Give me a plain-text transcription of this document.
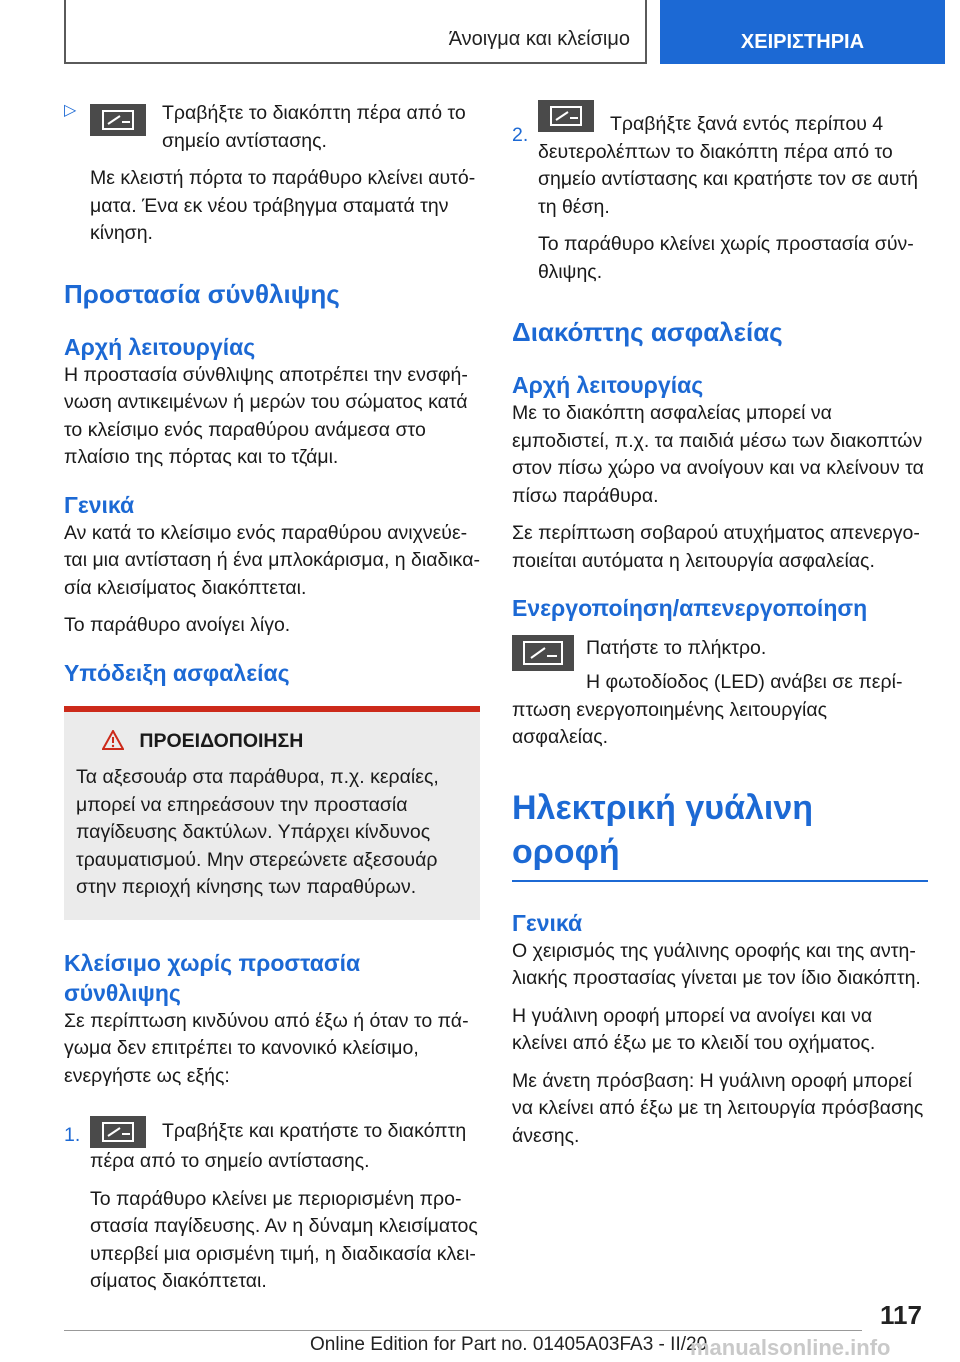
Άνοιγμα και κλείσιμο	ΧΕΙΡΙΣΤΗΡΙΑ
▷	Τραβήξτε το διακόπτη πέρα από το σημείο αντίστασης.

Με κλειστή πόρτα το παράθυρο κλείνει αυτόματα. Ένα εκ νέου τράβηγμα σταματά την κίνηση.

Προστασία σύνθλιψης
Αρχή λειτουργίας

Η προστασία σύνθλιψης αποτρέπει την ενσφήνωση αντικειμένων ή μερών του σώματος κατά το κλείσιμο ενός παραθύρου ανάμεσα στο πλαίσιο της πόρτας και το τζάμι.

Γενικά

Αν κατά το κλείσιμο ενός παραθύρου ανιχνεύεται μια αντίσταση ή ένα μπλοκάρισμα, η διαδικασία κλεισίματος διακόπτεται.

Το παράθυρο ανοίγει λίγο.

Υπόδειξη ασφαλείας
ΠΡΟΕΙΔΟΠΟΙΗΣΗ

Τα αξεσουάρ στα παράθυρα, π.χ. κεραίες, μπορεί να επηρεάσουν την προστασία παγίδευσης δακτύλων. Υπάρχει κίνδυνος τραυματισμού. Μην στερεώνετε αξεσουάρ στην περιοχή κίνησης των παραθύρων.

Κλείσιμο χωρίς προστασία σύνθλιψης

Σε περίπτωση κινδύνου από έξω ή όταν το πάγωμα δεν επιτρέπει το κανονικό κλείσιμο, ενεργήστε ως εξής:

1.	Τραβήξτε και κρατήστε το διακόπτη πέρα από το σημείο αντίστασης.

Το παράθυρο κλείνει με περιορισμένη προστασία παγίδευσης. Αν η δύναμη κλεισίματος υπερβεί μια ορισμένη τιμή, η διαδικασία κλεισίματος διακόπτεται.

2.	Τραβήξτε ξανά εντός περίπου 4 δευτερολέπτων το διακόπτη πέρα από το σημείο αντίστασης και κρατήστε τον σε αυτή τη θέση.

Το παράθυρο κλείνει χωρίς προστασία σύνθλιψης.

Διακόπτης ασφαλείας
Αρχή λειτουργίας

Με το διακόπτη ασφαλείας μπορεί να εμποδιστεί, π.χ. τα παιδιά μέσω των διακοπτών στον πίσω χώρο να ανοίγουν και να κλείνουν τα πίσω παράθυρα.

Σε περίπτωση σοβαρού ατυχήματος απενεργοποιείται αυτόματα η λειτουργία ασφαλείας.

Ενεργοποίηση/απενεργοποίηση

Πατήστε το πλήκτρο.

Η φωτοδίοδος (LED) ανάβει σε περίπτωση ενεργοποιημένης λειτουργίας ασφαλείας.

Ηλεκτρική γυάλινη οροφή
Γενικά

Ο χειρισμός της γυάλινης οροφής και της αντηλιακής προστασίας γίνεται με τον ίδιο διακόπτη.

Η γυάλινη οροφή μπορεί να ανοίγει και να κλείνει από έξω με το κλειδί του οχήματος.

Με άνετη πρόσβαση: Η γυάλινη οροφή μπορεί να κλείνει από έξω με τη λειτουργία πρόσβασης άνεσης.

117
Online Edition for Part no. 01405A03FA3 - II/20
manualsonline.info
